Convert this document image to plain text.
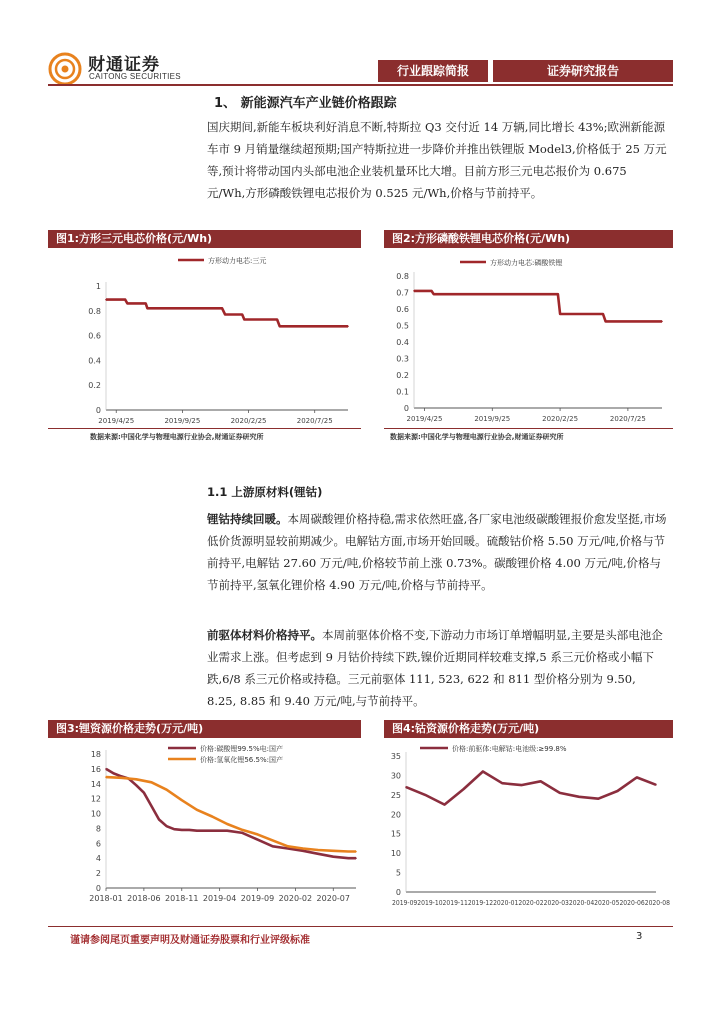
财通证券
CAITONG SECURITIES	行业跟踪简报	证券研究报告
1、 新能源汽车产业链价格跟踪
国庆期间,新能车板块利好消息不断,特斯拉 Q3 交付近 14 万辆,同比增长 43%;欧洲新能源车市 9 月销量继续超预期;国产特斯拉进一步降价并推出铁锂版 Model3,价格低于 25 万元等,预计将带动国内头部电池企业装机量环比大增。目前方形三元电芯报价为 0.675 元/Wh,方形磷酸铁锂电芯报价为 0.525 元/Wh,价格与节前持平。
图1:方形三元电芯价格(元/Wh)
0
0.2
0.4
0.6
0.8
1
2019/4/25	2019/9/25	2020/2/25	2020/7/25
方形动力电芯:三元
数据来源:中国化学与物理电源行业协会,财通证券研究所
图2:方形磷酸铁锂电芯价格(元/Wh)
0
0.1
0.2
0.3
0.4
0.5
0.6
0.7
0.8
2019/4/25	2019/9/25	2020/2/25	2020/7/25
方形动力电芯:磷酸铁锂
数据来源:中国化学与物理电源行业协会,财通证券研究所
1.1 上游原材料(锂钴)
锂钴持续回暖。本周碳酸锂价格持稳,需求依然旺盛,各厂家电池级碳酸锂报价愈发坚挺,市场低价货源明显较前期减少。电解钴方面,市场开始回暖。硫酸钴价格 5.50 万元/吨,价格与节前持平,电解钴 27.60 万元/吨,价格较节前上涨 0.73%。碳酸锂价格 4.00 万元/吨,价格与节前持平,氢氧化锂价格 4.90 万元/吨,价格与节前持平。
前驱体材料价格持平。本周前驱体价格不变,下游动力市场订单增幅明显,主要是头部电池企业需求上涨。但考虑到 9 月钴价持续下跌,镍价近期同样较难支撑,5 系三元价格或小幅下跌,6/8 系三元价格或持稳。三元前驱体 111, 523, 622 和 811 型价格分别为 9.50, 8.25, 8.85 和 9.40 万元/吨,与节前持平。
图3:锂资源价格走势(万元/吨)
0
2
4
6
8
10
12
14
16
18
2018-01 2018-06 2018-11 2019-04 2019-09 2020-02 2020-07
价格:碳酸锂99.5%电:国产
价格:氢氧化锂56.5%:国产
图4:钴资源价格走势(万元/吨)
0
5
10
15
20
25
30
35
2019-092019-102019-112019-122020-012020-022020-032020-042020-052020-062020-08
价格:前驱体:电解钴:电池级:≥99.8%
谨请参阅尾页重要声明及财通证券股票和行业评级标准	3
